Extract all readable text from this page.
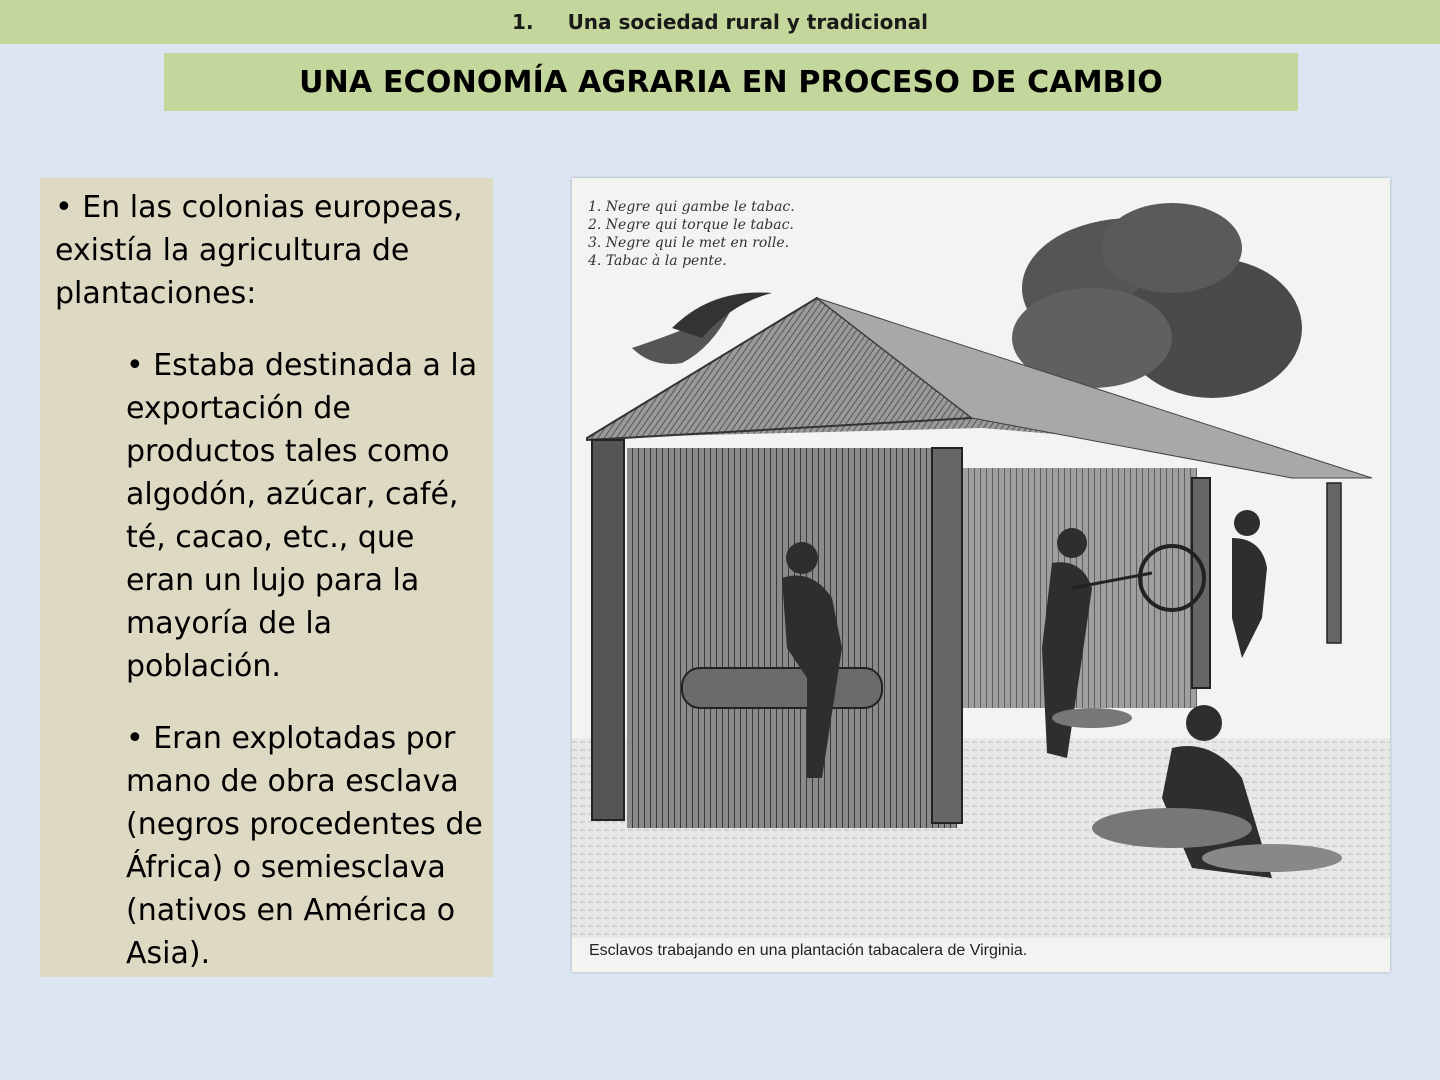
1. Una sociedad rural y tradicional
UNA ECONOMÍA AGRARIA EN PROCESO DE CAMBIO

• En las colonias europeas, existía la agricultura de plantaciones:

• Estaba destinada a la exportación de productos tales como algodón, azúcar, café, té, cacao, etc., que eran un lujo para la mayoría de la población.

• Eran explotadas por mano de obra esclava (negros procedentes de África) o semiesclava (nativos en América o Asia).

1. Negre qui gambe le tabac.
2. Negre qui torque le tabac.
3. Negre qui le met en rolle.
4. Tabac à la pente.
Esclavos trabajando en una plantación tabacalera de Virginia.
